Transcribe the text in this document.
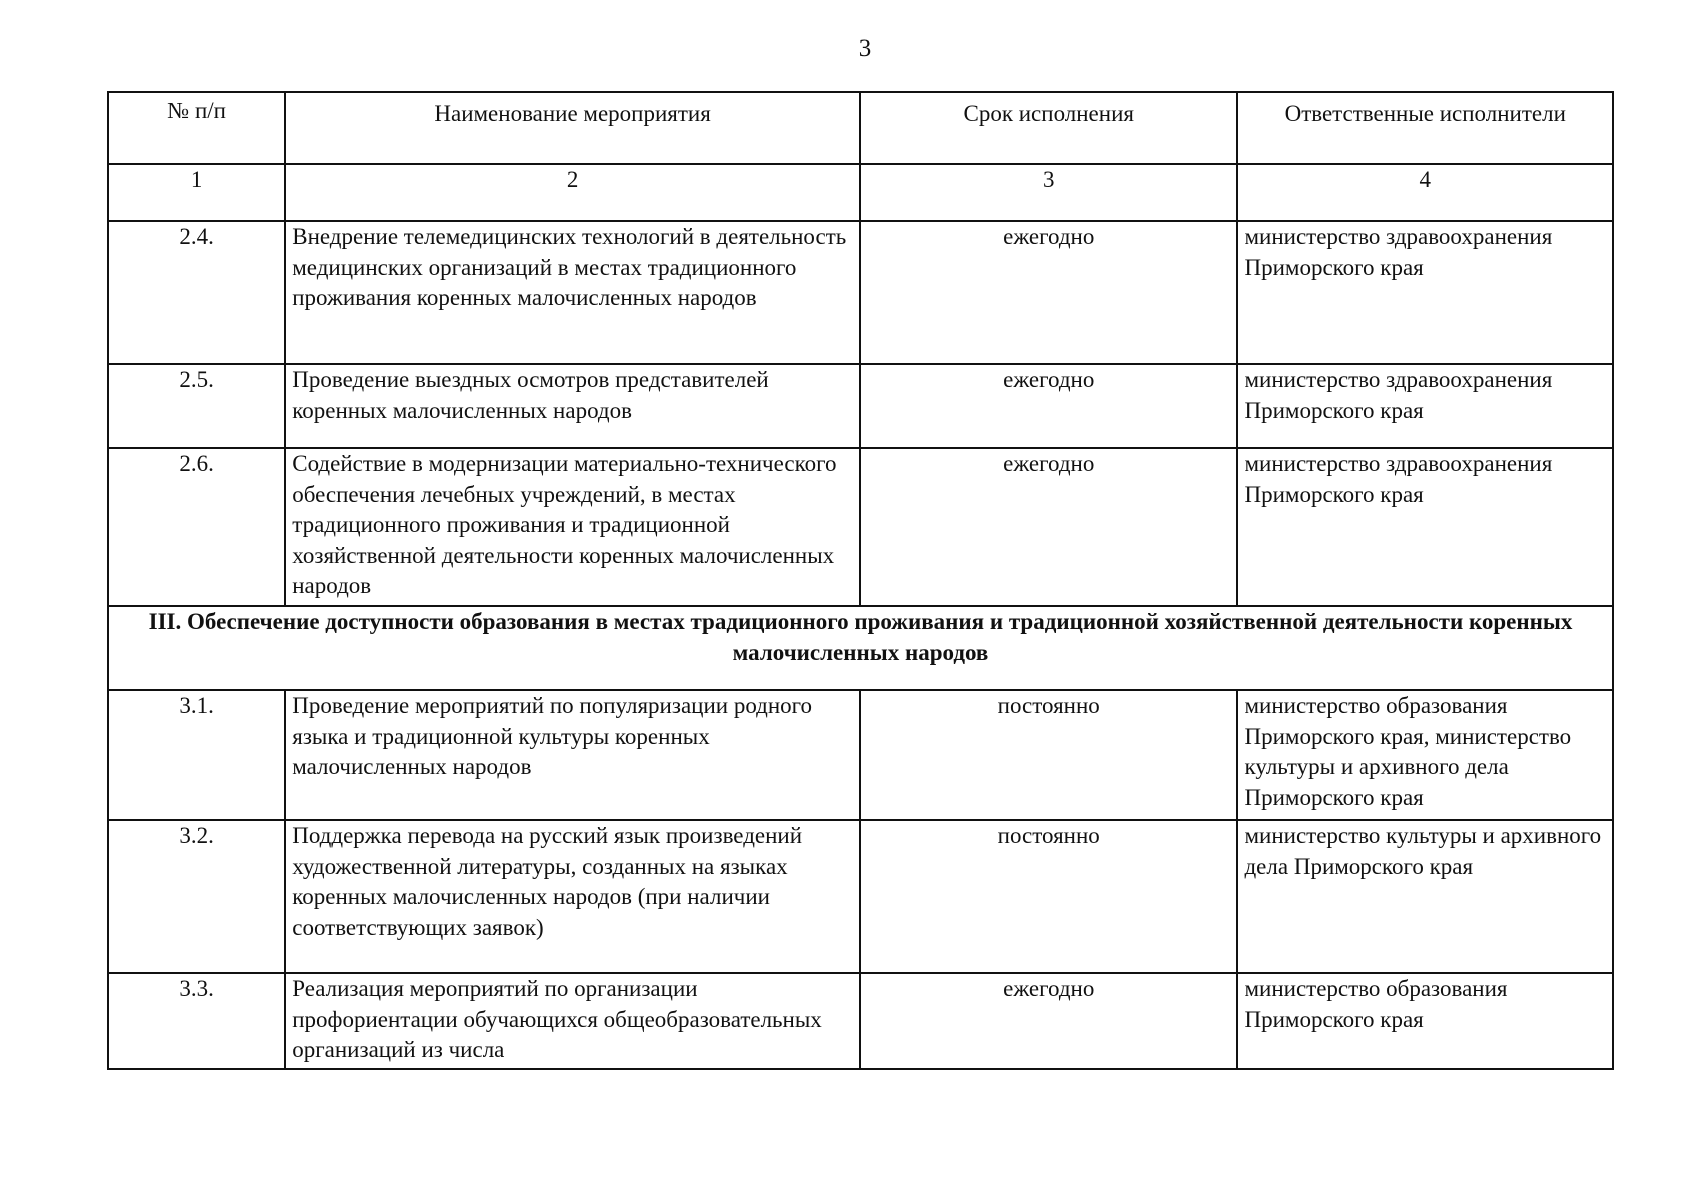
3
№ п/п	Наименование мероприятия	Срок исполнения	Ответственные исполнители
1	2	3	4
2.4.	Внедрение телемедицинских технологий в деятельность медицинских организаций в местах традиционного проживания коренных малочисленных народов	ежегодно	министерство здравоохранения Приморского края
2.5.	Проведение выездных осмотров представителей коренных малочисленных народов	ежегодно	министерство здравоохранения Приморского края
2.6.	Содействие в модернизации материально-технического обеспечения лечебных учреждений, в местах традиционного проживания и традиционной хозяйственной деятельности коренных малочисленных народов	ежегодно	министерство здравоохранения Приморского края
III. Обеспечение доступности образования в местах традиционного проживания и традиционной хозяйственной деятельности коренных малочисленных народов			
3.1.	Проведение мероприятий по популяризации родного языка и традиционной культуры коренных малочисленных народов	постоянно	министерство образования Приморского края, министерство культуры и архивного дела Приморского края
3.2.	Поддержка перевода на русский язык произведений художественной литературы, созданных на языках коренных малочисленных народов (при наличии соответствующих заявок)	постоянно	министерство культуры и архивного дела Приморского края
3.3.	Реализация мероприятий по организации профориентации обучающихся общеобразовательных организаций из числа	ежегодно	министерство образования Приморского края
